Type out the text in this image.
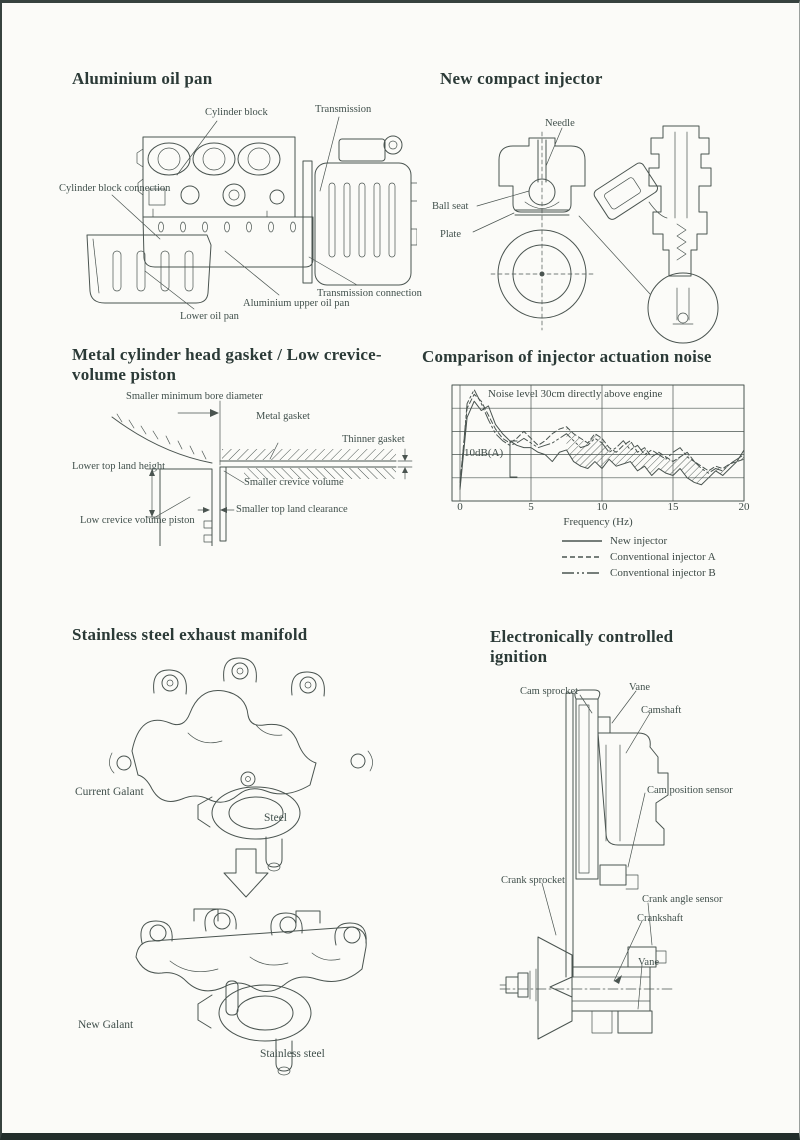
Aluminium oil pan
Cylinder block	Transmission
Cylinder block connection
Transmission connection
Aluminium upper oil pan
Lower oil pan
New compact injector
Needle
Ball seat
Plate
Metal cylinder head gasket / Low crevice-volume piston
Smaller minimum bore diameter
Metal gasket
Thinner gasket
Lower top land height
Smaller crevice volume
Smaller top land clearance
Low crevice volume piston
Comparison of injector actuation noise
Noise level 30cm directly above engine
10dB(A)
0	5	10	15	20
Frequency (Hz)
New injector
Conventional injector A
Conventional injector B
Stainless steel exhaust manifold
Current Galant
Steel
New Galant
Stainless steel
Electronically controlled ignition
Cam sprocket	Vane
Camshaft
Cam position sensor
Crank sprocket
Crank angle sensor
Crankshaft
Vane
